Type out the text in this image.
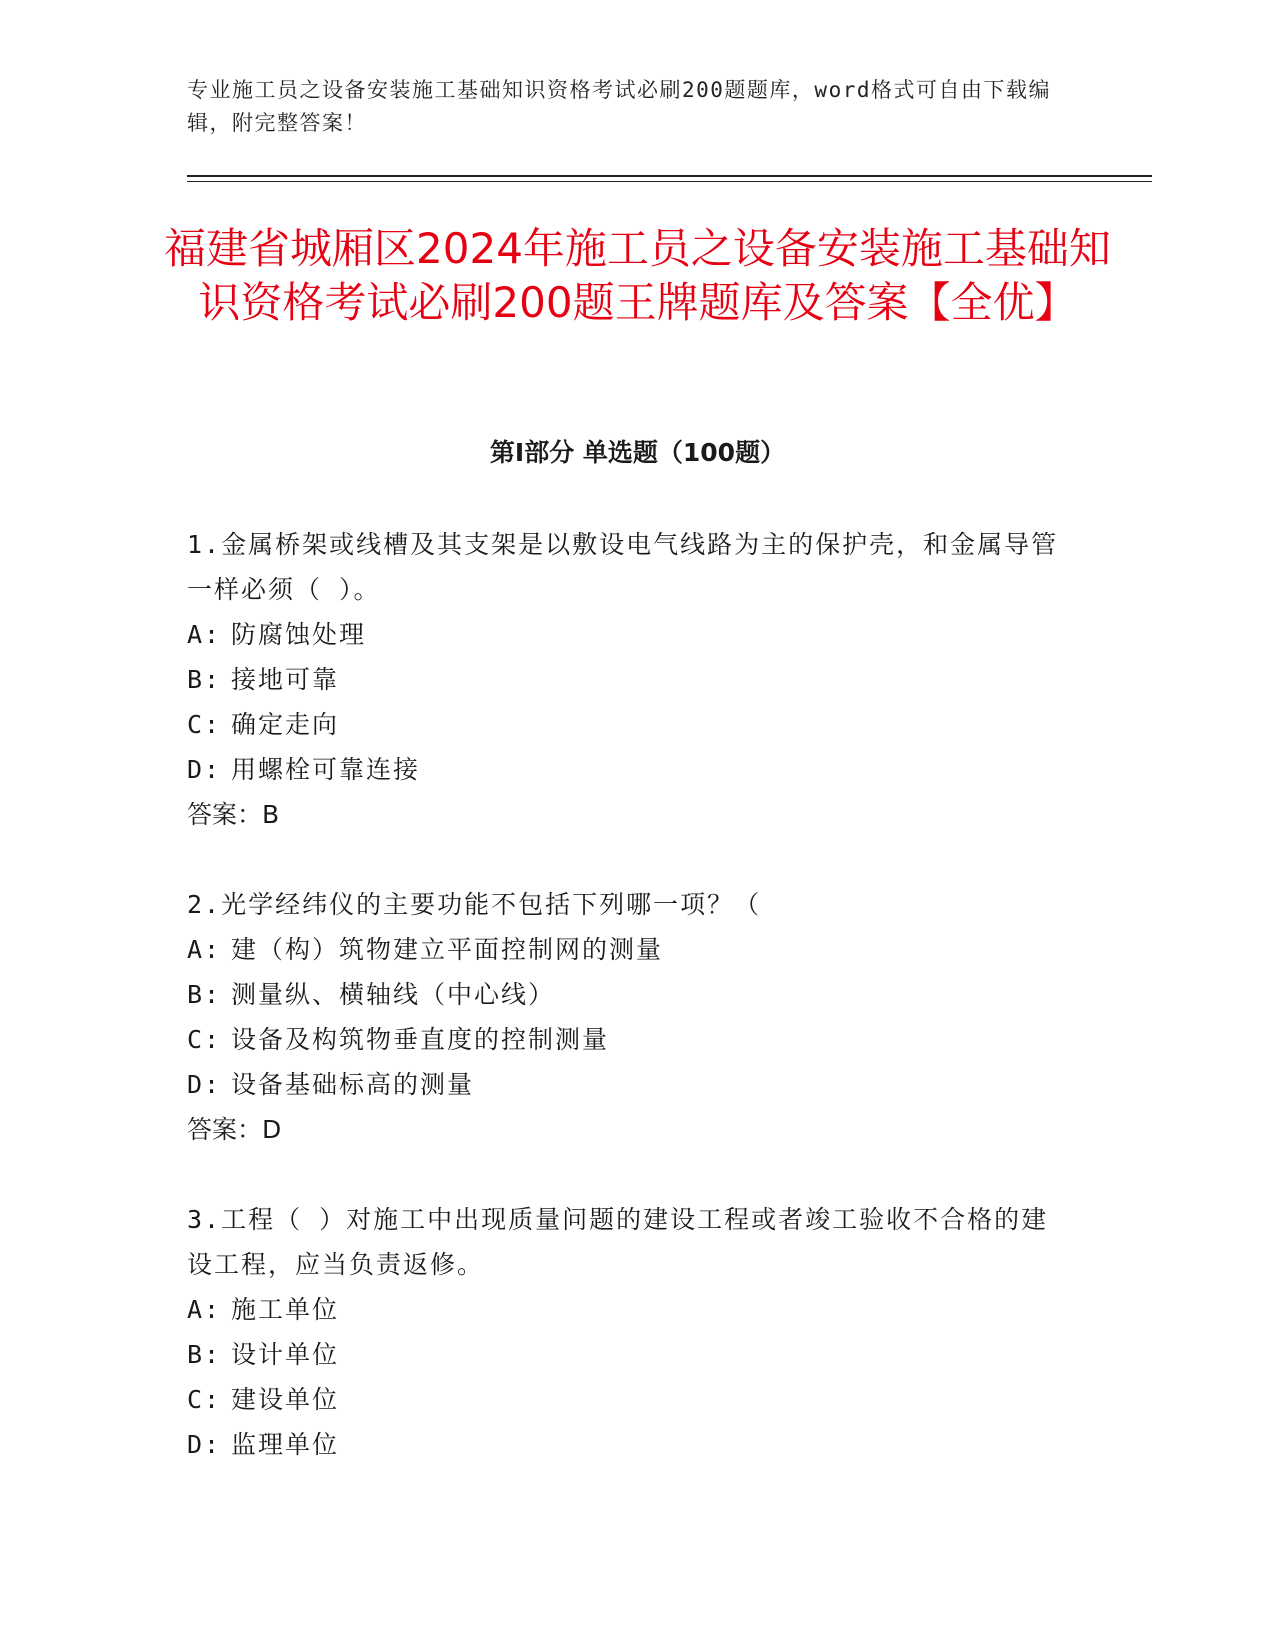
专业施工员之设备安装施工基础知识资格考试必刷200题题库，word格式可自由下载编辑，附完整答案！
福建省城厢区2024年施工员之设备安装施工基础知识资格考试必刷200题王牌题库及答案【全优】
第I部分 单选题（100题）
1.金属桥架或线槽及其支架是以敷设电气线路为主的保护壳，和金属导管一样必须（ ）。
A: 防腐蚀处理
B: 接地可靠
C: 确定走向
D: 用螺栓可靠连接
答案：B
2.光学经纬仪的主要功能不包括下列哪一项？（
A: 建（构）筑物建立平面控制网的测量
B: 测量纵、横轴线（中心线）
C: 设备及构筑物垂直度的控制测量
D: 设备基础标高的测量
答案：D
3.工程（ ）对施工中出现质量问题的建设工程或者竣工验收不合格的建设工程，应当负责返修。
A: 施工单位
B: 设计单位
C: 建设单位
D: 监理单位
